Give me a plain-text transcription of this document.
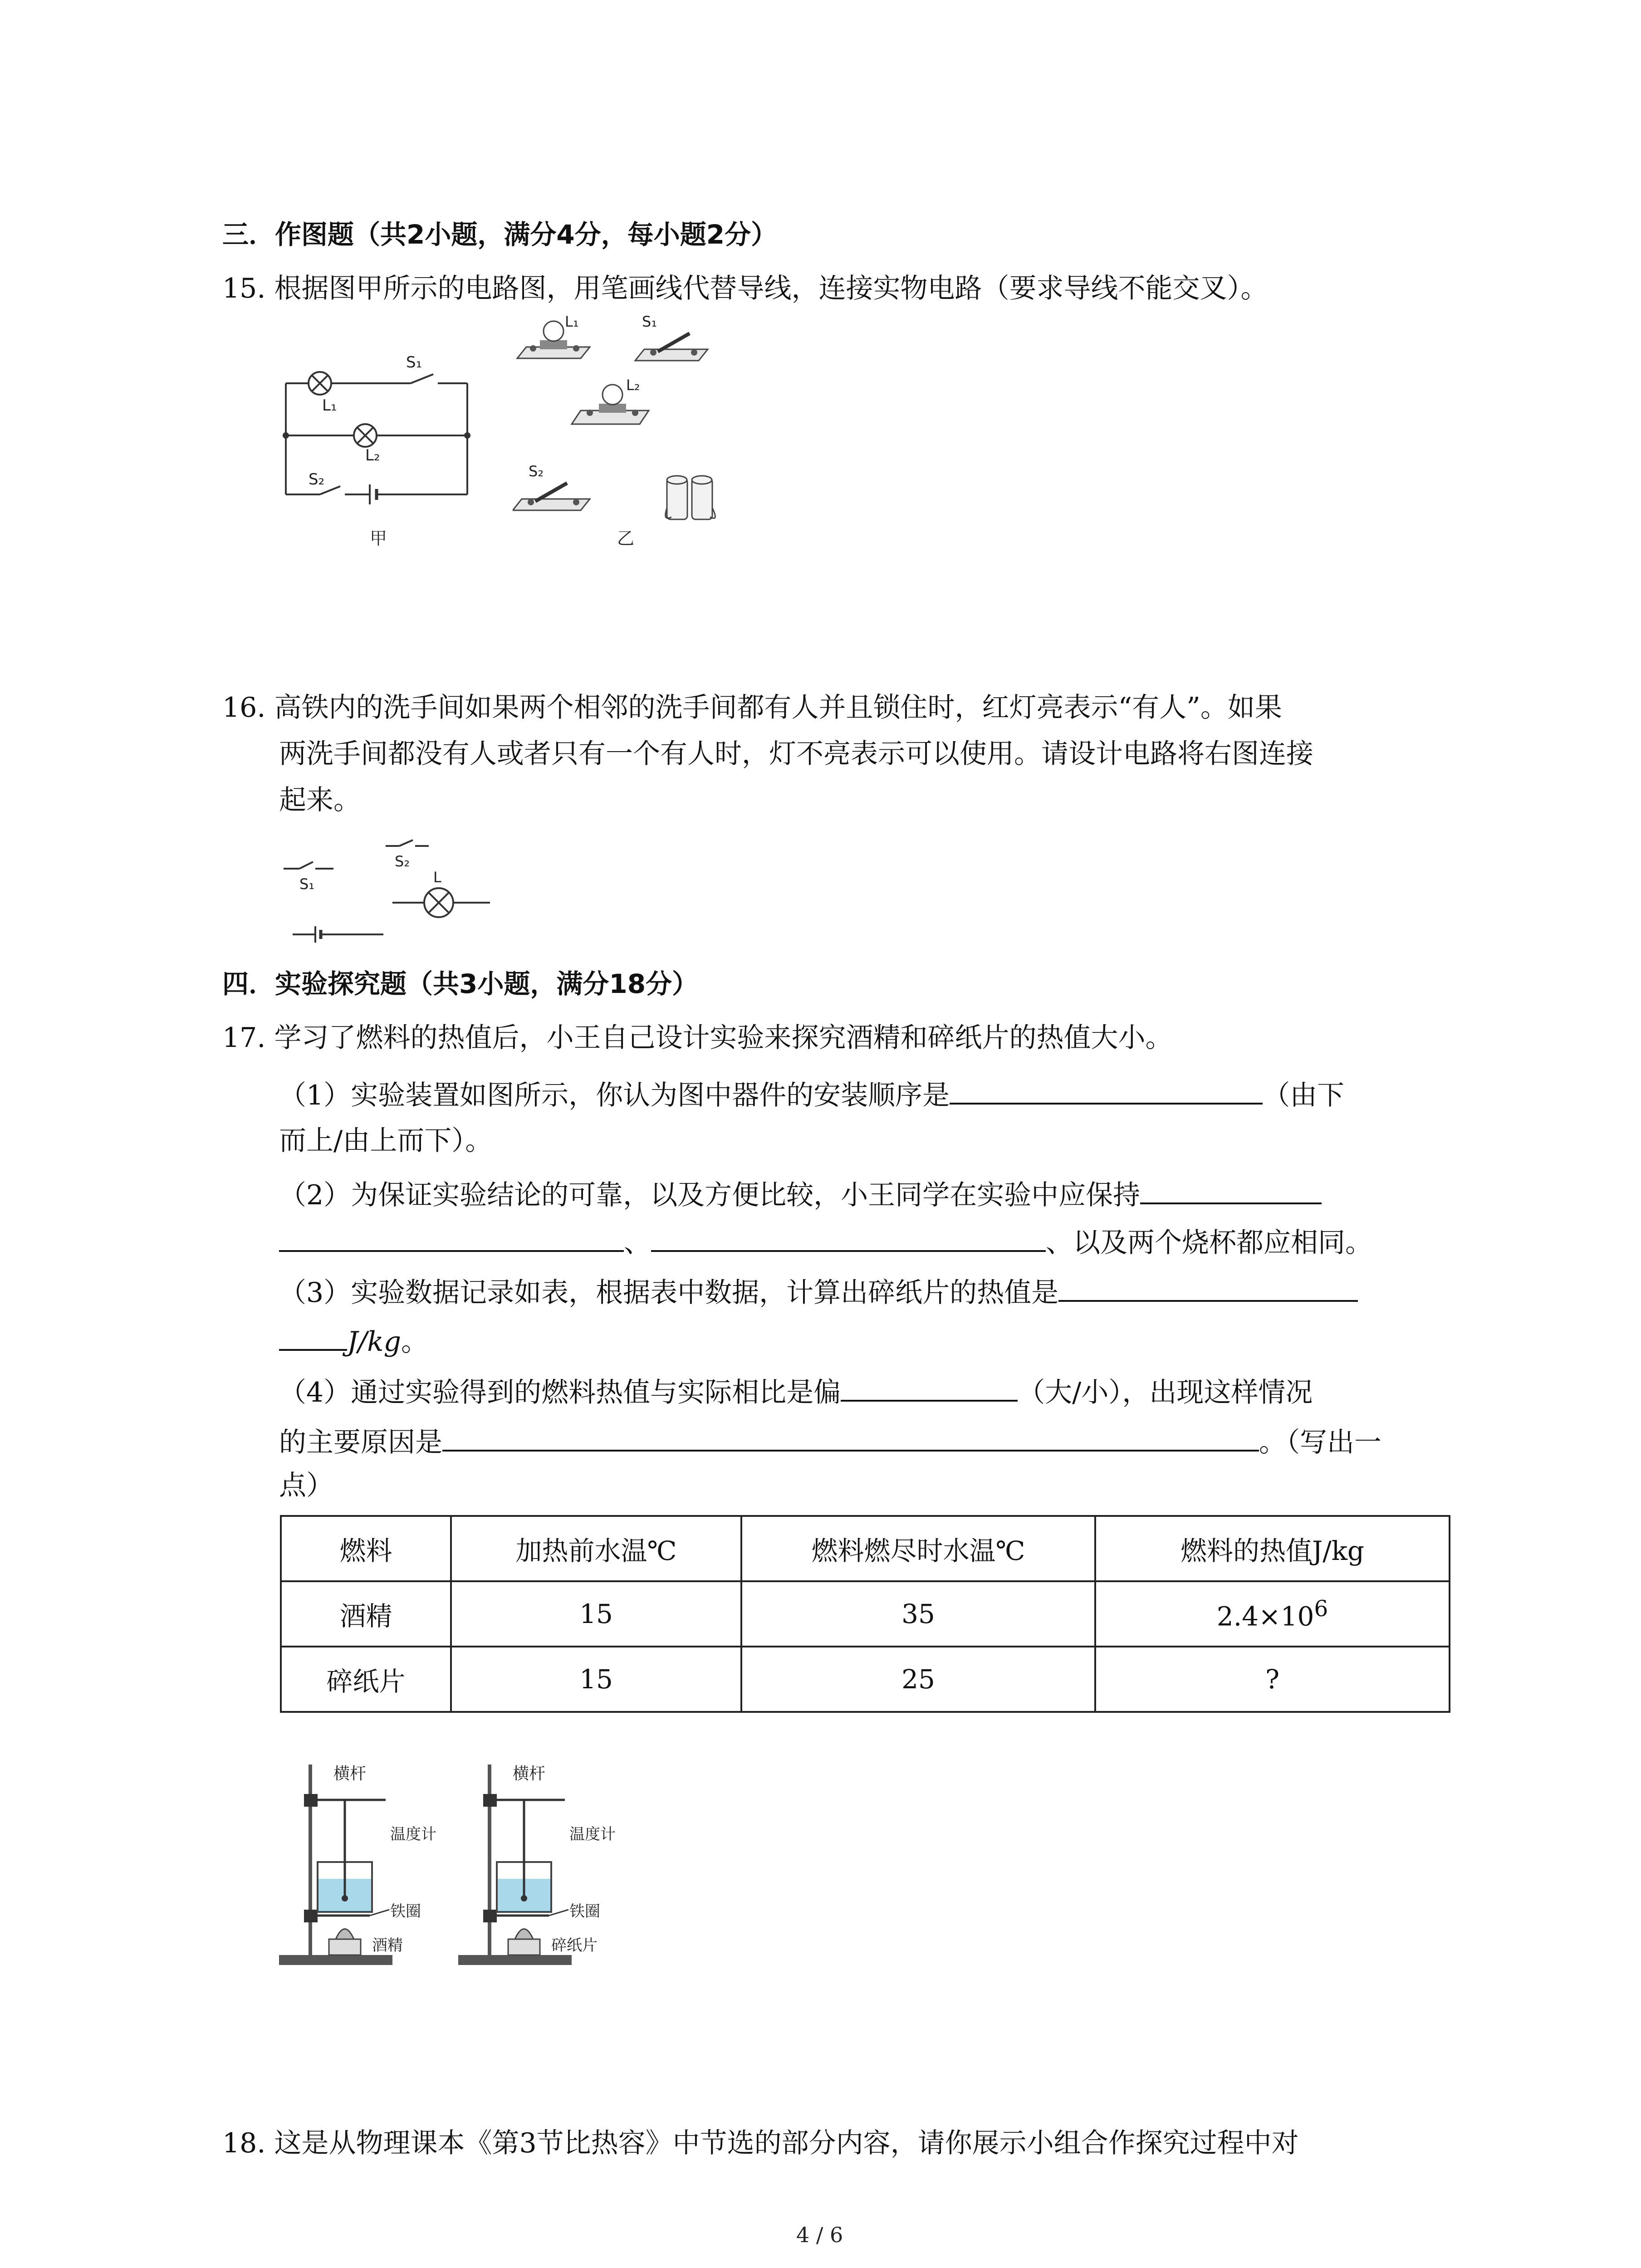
三．作图题（共2小题，满分4分，每小题2分）
15. 根据图甲所示的电路图，用笔画线代替导线，连接实物电路（要求导线不能交叉）。
L₁
L₂
S₁
S₂
甲
L₁	S₁
L₂
S₂
乙
16. 高铁内的洗手间如果两个相邻的洗手间都有人并且锁住时，红灯亮表示“有人”。如果
两洗手间都没有人或者只有一个有人时，灯不亮表示可以使用。请设计电路将右图连接
起来。
S₂
S₁	L
四．实验探究题（共3小题，满分18分）
17. 学习了燃料的热值后，小王自己设计实验来探究酒精和碎纸片的热值大小。
（1）实验装置如图所示，你认为图中器件的安装顺序是	（由下
而上/由上而下）。
（2）为保证实验结论的可靠，以及方便比较，小王同学在实验中应保持
、	、以及两个烧杯都应相同。
（3）实验数据记录如表，根据表中数据，计算出碎纸片的热值是
J/kg。
（4）通过实验得到的燃料热值与实际相比是偏	（大/小），出现这样情况
的主要原因是	。（写出一
点）
燃料	加热前水温℃	燃料燃尽时水温℃	燃料的热值J/kg
酒精	15	35	$2.4\times 10^6$
碎纸片	15	25	?
横杆
温度计
铁圈
酒精
横杆
温度计
铁圈
碎纸片
18. 这是从物理课本《第3节比热容》中节选的部分内容，请你展示小组合作探究过程中对
4 / 6
